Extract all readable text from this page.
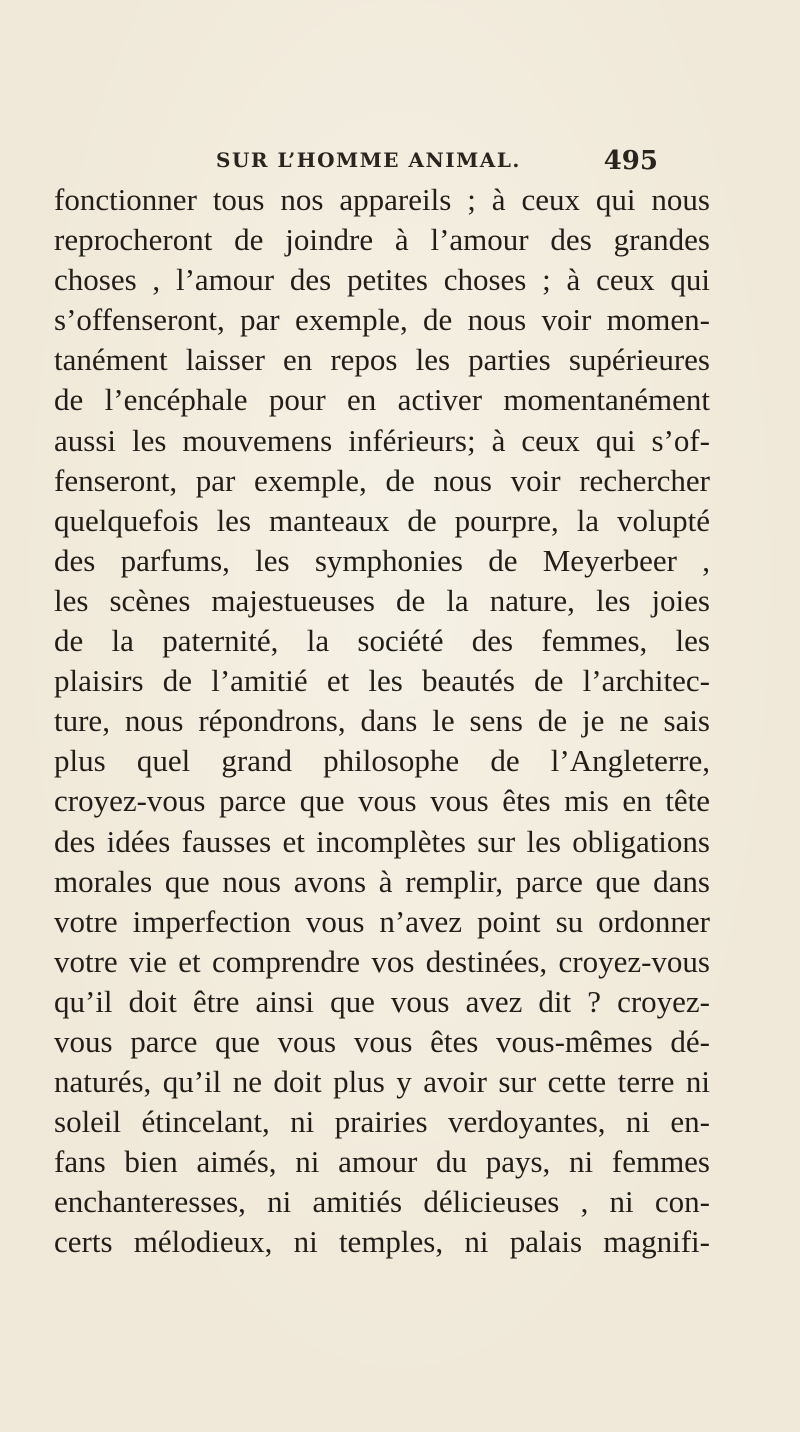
SUR L’HOMME ANIMAL.	495
fonctionner tous nos appareils ; à ceux qui nous
reprocheront de joindre à l’amour des grandes
choses , l’amour des petites choses ; à ceux qui
s’offenseront, par exemple, de nous voir momen-
tanément laisser en repos les parties supérieures
de l’encéphale pour en activer momentanément
aussi les mouvemens inférieurs; à ceux qui s’of-
fenseront, par exemple, de nous voir rechercher
quelquefois les manteaux de pourpre, la volupté
des parfums, les symphonies de Meyerbeer ,
les scènes majestueuses de la nature, les joies
de la paternité, la société des femmes, les
plaisirs de l’amitié et les beautés de l’architec-
ture, nous répondrons, dans le sens de je ne sais
plus quel grand philosophe de l’Angleterre,
croyez-vous parce que vous vous êtes mis en tête
des idées fausses et incomplètes sur les obligations
morales que nous avons à remplir, parce que dans
votre imperfection vous n’avez point su ordonner
votre vie et comprendre vos destinées, croyez-vous
qu’il doit être ainsi que vous avez dit ? croyez-
vous parce que vous vous êtes vous-mêmes dé-
naturés, qu’il ne doit plus y avoir sur cette terre ni
soleil étincelant, ni prairies verdoyantes, ni en-
fans bien aimés, ni amour du pays, ni femmes
enchanteresses, ni amitiés délicieuses , ni con-
certs mélodieux, ni temples, ni palais magnifi-
